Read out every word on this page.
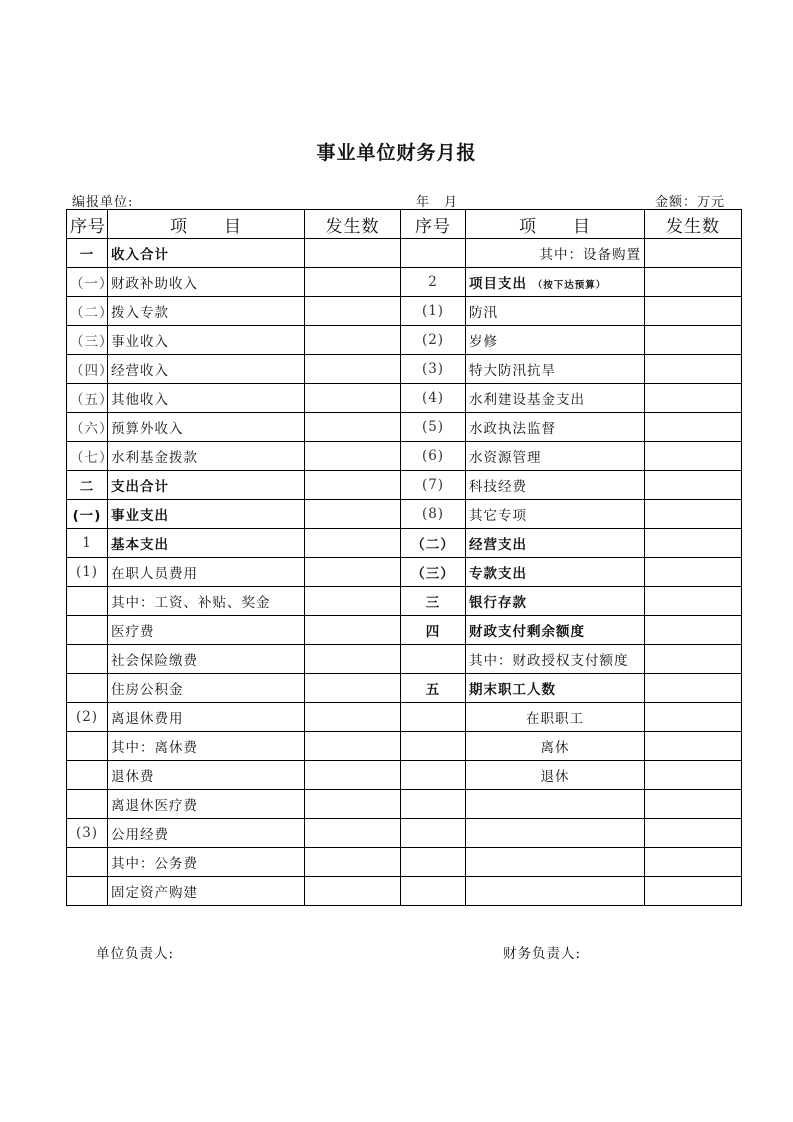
事业单位财务月报
编报单位:	年　月	金额：万元
序号	项　　目	发生数	序号	项　　目	发生数
一	收入合计			其中：设备购置	
（一）	财政补助收入		2	项目支出 （按下达预算）	
（二）	拨入专款		(1)	防汛	
（三）	事业收入		(2)	岁修	
（四）	经营收入		(3)	特大防汛抗旱	
（五）	其他收入		(4)	水利建设基金支出	
（六）	预算外收入		(5)	水政执法监督	
（七）	水利基金拨款		(6)	水资源管理	
二	支出合计		(7)	科技经费	
(一)	事业支出		(8)	其它专项	
1	基本支出		（二）	经营支出	
(1)	在职人员费用		（三）	专款支出	
	其中：工资、补贴、奖金		三	银行存款	
	医疗费		四	财政支付剩余额度	
	社会保险缴费			其中：财政授权支付额度	
	住房公积金		五	期末职工人数	
(2)	离退休费用			在职职工	
	其中：离休费			离休	
	退休费			退休	
	离退休医疗费				
(3)	公用经费				
	其中：公务费				
	固定资产购建				
单位负责人:	财务负责人:
